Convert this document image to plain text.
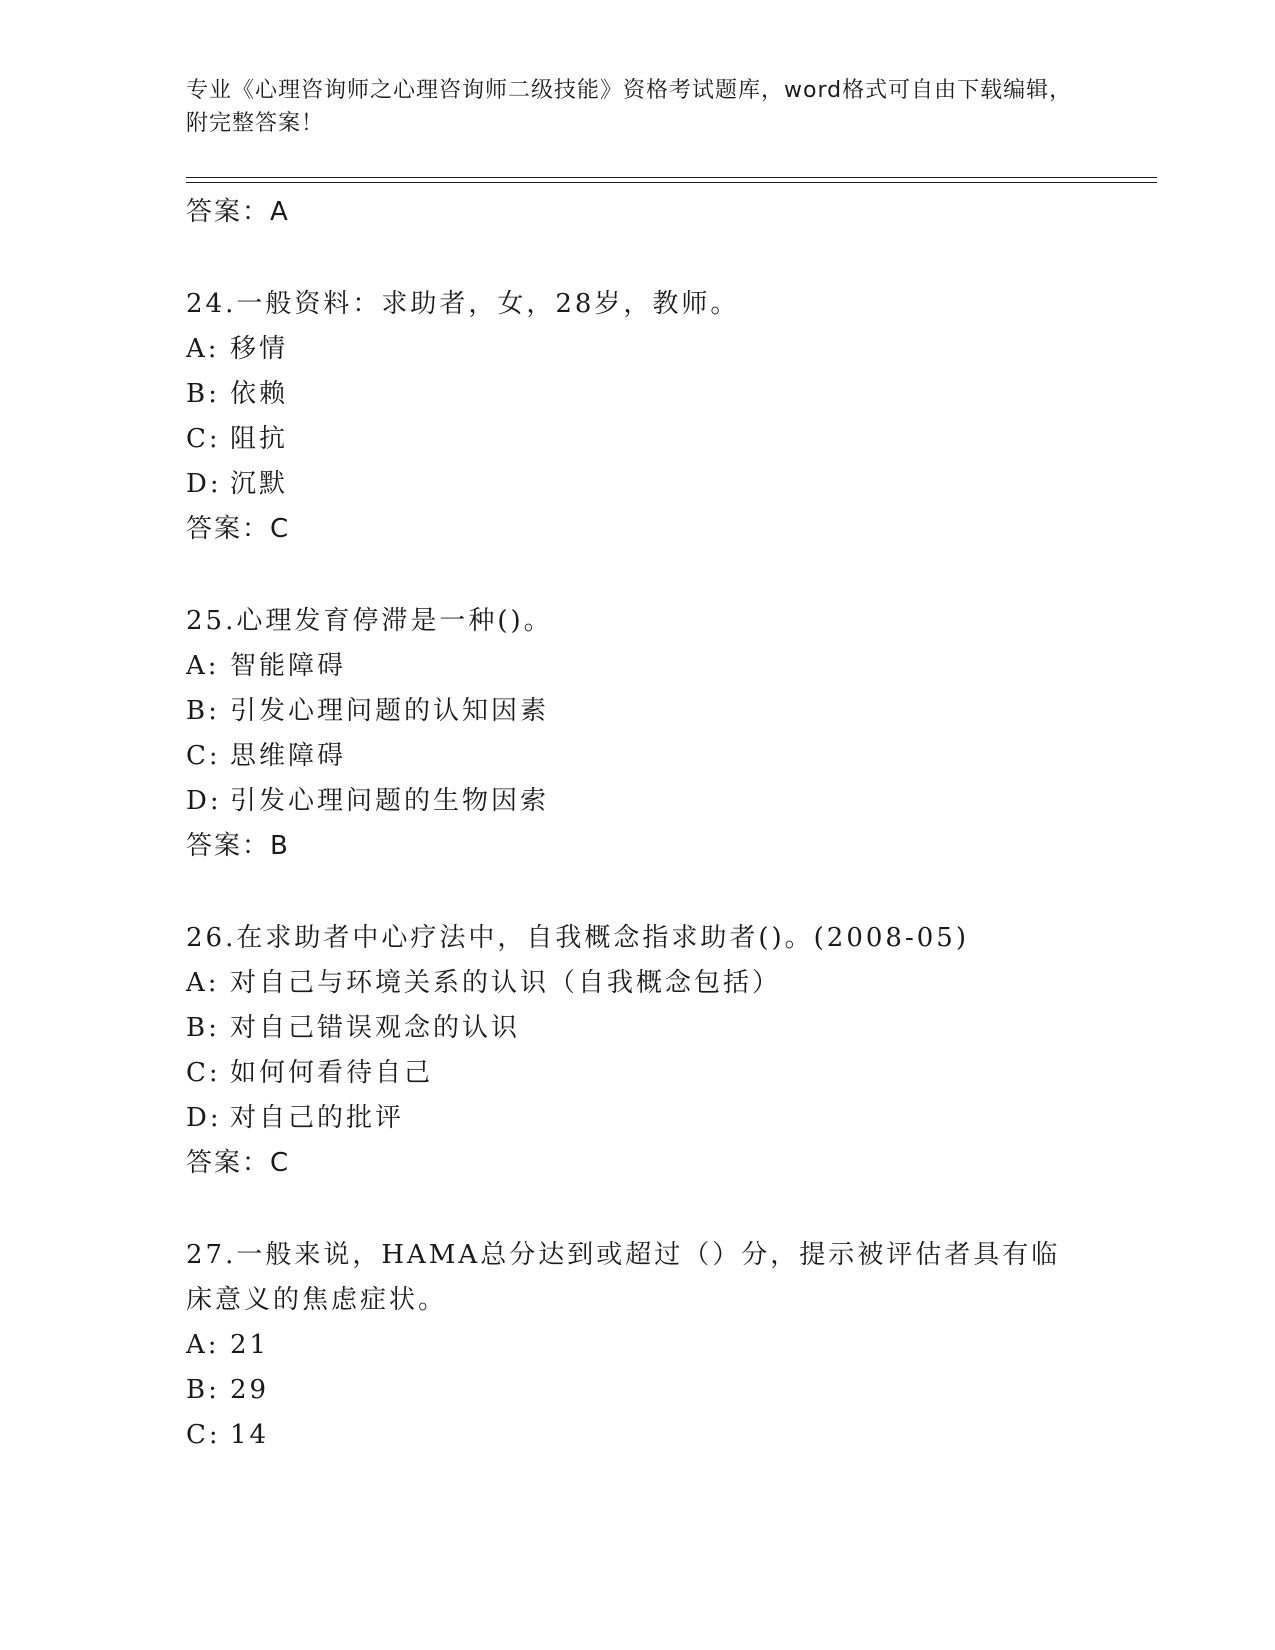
专业《心理咨询师之心理咨询师二级技能》资格考试题库，word格式可自由下载编辑，附完整答案！
答案：A
24.一般资料：求助者，女，28岁，教师。
A: 移情
B: 依赖
C: 阻抗
D: 沉默
答案：C
25.心理发育停滞是一种()。
A: 智能障碍
B: 引发心理问题的认知因素
C: 思维障碍
D: 引发心理问题的生物因索
答案：B
26.在求助者中心疗法中，自我概念指求助者()。(2008-05)
A: 对自己与环境关系的认识（自我概念包括）
B: 对自己错误观念的认识
C: 如何何看待自己
D: 对自己的批评
答案：C
27.一般来说，HAMA总分达到或超过（）分，提示被评估者具有临床意义的焦虑症状。
A: 21
B: 29
C: 14
